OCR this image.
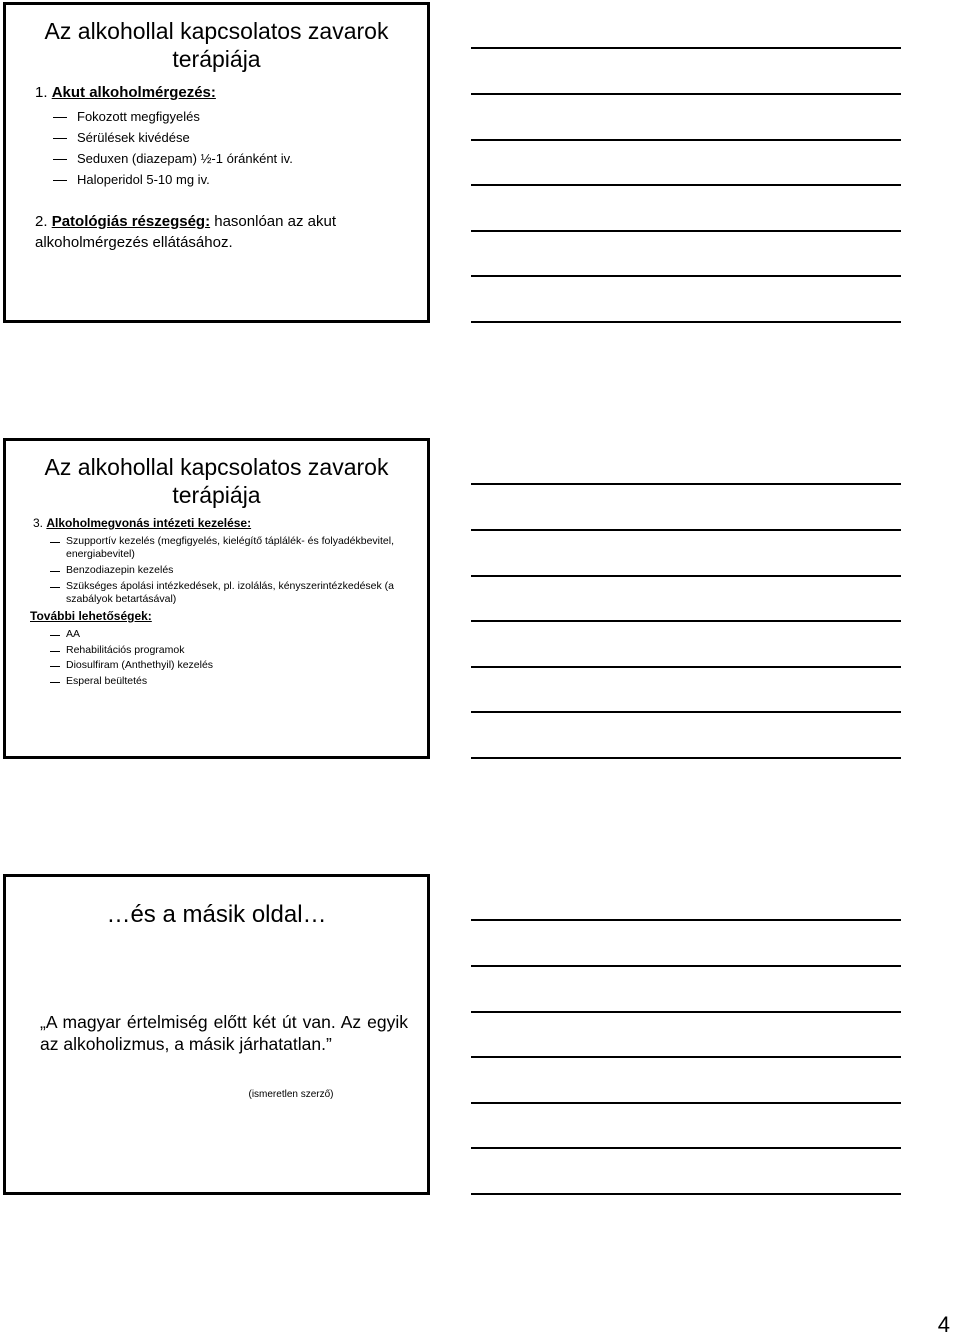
Az alkohollal kapcsolatos zavarok terápiája

1. Akut alkoholmérgezés:
Fokozott megfigyelés
Sérülések kivédése
Seduxen (diazepam) ½-1 óránként iv.
Haloperidol 5-10 mg iv.
2. Patológiás részegség: hasonlóan az akut alkoholmérgezés ellátásához.

Az alkohollal kapcsolatos zavarok terápiája

3. Alkoholmegvonás intézeti kezelése:
Szupportív kezelés (megfigyelés, kielégítő táplálék- és folyadékbevitel, energiabevitel)
Benzodiazepin kezelés
Szükséges ápolási intézkedések, pl. izolálás, kényszerintézkedések (a szabályok betartásával)
További lehetőségek:
AA
Rehabilitációs programok
Diosulfiram (Anthethyil) kezelés
Esperal beültetés
…és a másik oldal…
„A magyar értelmiség előtt két út van. Az egyik az alkoholizmus, a másik járhatatlan.”
(ismeretlen szerző)
4
